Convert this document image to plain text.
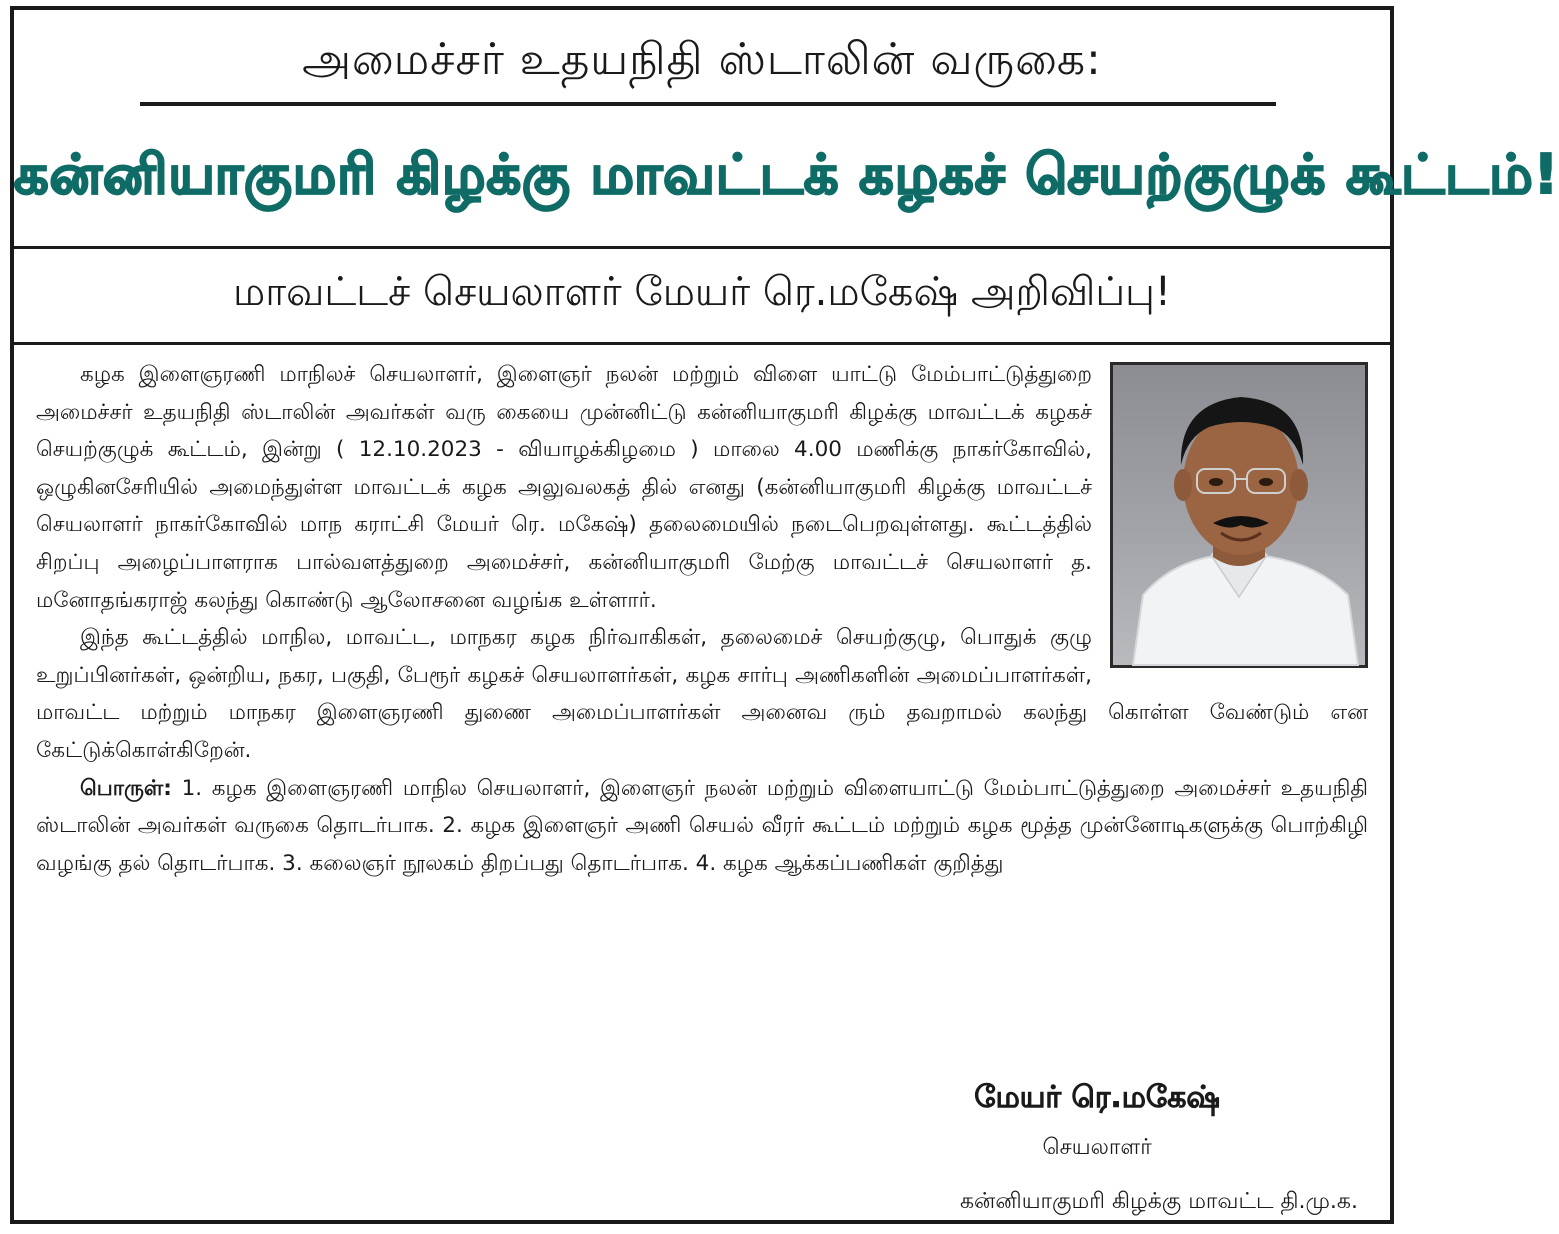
அமைச்சர் உதயநிதி ஸ்டாலின் வருகை:
கன்னியாகுமரி கிழக்கு மாவட்டக் கழகச் செயற்குழுக் கூட்டம்!
மாவட்டச் செயலாளர் மேயர் ரெ.மகேஷ் அறிவிப்பு!

கழக இளைஞரணி மாநிலச் செயலாளர், இளைஞர் நலன் மற்றும் விளை யாட்டு மேம்பாட்டுத்துறை அமைச்சர் உதயநிதி ஸ்டாலின் அவர்கள் வரு கையை முன்னிட்டு கன்னியாகுமரி கிழக்கு மாவட்டக் கழகச் செயற்குழுக் கூட்டம், இன்று ( 12.10.2023 - வியாழக்கிழமை ) மாலை 4.00 மணிக்கு நாகர்கோவில், ஒழுகினசேரியில் அமைந்துள்ள மாவட்டக் கழக அலுவலகத் தில் எனது (கன்னியாகுமரி கிழக்கு மாவட்டச் செயலாளர் நாகர்கோவில் மாந கராட்சி மேயர் ரெ. மகேஷ்) தலைமையில் நடைபெறவுள்ளது. கூட்டத்தில் சிறப்பு அழைப்பாளராக பால்வளத்துறை அமைச்சர், கன்னியாகுமரி மேற்கு மாவட்டச் செயலாளர் த. மனோதங்கராஜ் கலந்து கொண்டு ஆலோசனை வழங்க உள்ளார்.

இந்த கூட்டத்தில் மாநில, மாவட்ட, மாநகர கழக நிர்வாகிகள், தலைமைச் செயற்குழு, பொதுக் குழு உறுப்பினர்கள், ஒன்றிய, நகர, பகுதி, பேரூர் கழகச் செயலாளர்கள், கழக சார்பு அணிகளின் அமைப்பாளர்கள், மாவட்ட மற்றும் மாநகர இளைஞரணி துணை அமைப்பாளர்கள் அனைவ ரும் தவறாமல் கலந்து கொள்ள வேண்டும் என கேட்டுக்கொள்கிறேன்.

பொருள்: 1. கழக இளைஞரணி மாநில செயலாளர், இளைஞர் நலன் மற்றும் விளையாட்டு மேம்பாட்டுத்துறை அமைச்சர் உதயநிதி ஸ்டாலின் அவர்கள் வருகை தொடர்பாக. 2. கழக இளைஞர் அணி செயல் வீரர் கூட்டம் மற்றும் கழக மூத்த முன்னோடிகளுக்கு பொற்கிழி வழங்கு தல் தொடர்பாக. 3. கலைஞர் நூலகம் திறப்பது தொடர்பாக. 4. கழக ஆக்கப்பணிகள் குறித்து

மேயர் ரெ.மகேஷ்
செயலாளர்
கன்னியாகுமரி கிழக்கு மாவட்ட தி.மு.க.
